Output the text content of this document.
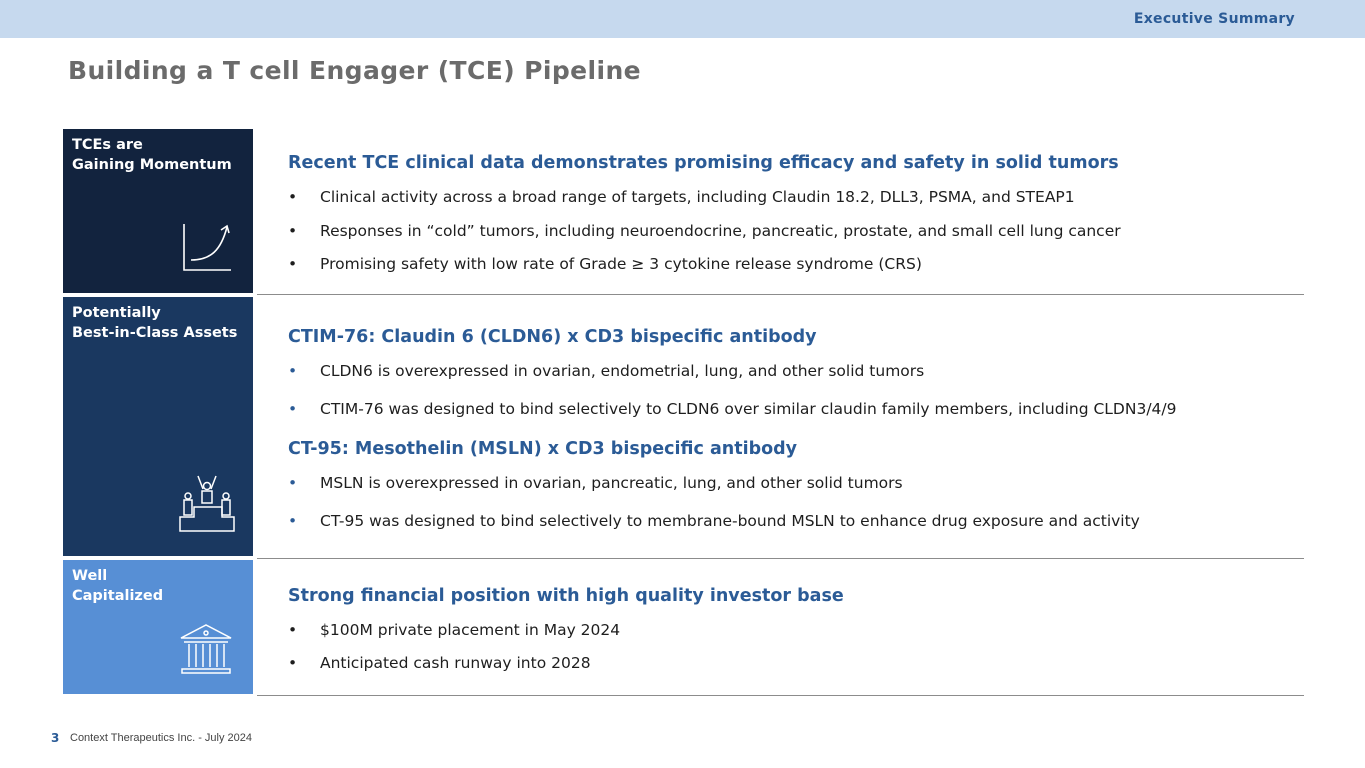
Executive Summary
Building a T cell Engager (TCE) Pipeline
TCEs are
Gaining Momentum
Potentially
Best-in-Class Assets
Well
Capitalized
Recent TCE clinical data demonstrates promising efficacy and safety in solid tumors
• Clinical activity across a broad range of targets, including Claudin 18.2, DLL3, PSMA, and STEAP1
• Responses in “cold” tumors, including neuroendocrine, pancreatic, prostate, and small cell lung cancer
• Promising safety with low rate of Grade ≥ 3 cytokine release syndrome (CRS)
CTIM-76: Claudin 6 (CLDN6) x CD3 bispecific antibody
• CLDN6 is overexpressed in ovarian, endometrial, lung, and other solid tumors
• CTIM-76 was designed to bind selectively to CLDN6 over similar claudin family members, including CLDN3/4/9
CT-95: Mesothelin (MSLN) x CD3 bispecific antibody
• MSLN is overexpressed in ovarian, pancreatic, lung, and other solid tumors
• CT-95 was designed to bind selectively to membrane-bound MSLN to enhance drug exposure and activity
Strong financial position with high quality investor base
• $100M private placement in May 2024
• Anticipated cash runway into 2028
3 Context Therapeutics Inc. - July 2024
